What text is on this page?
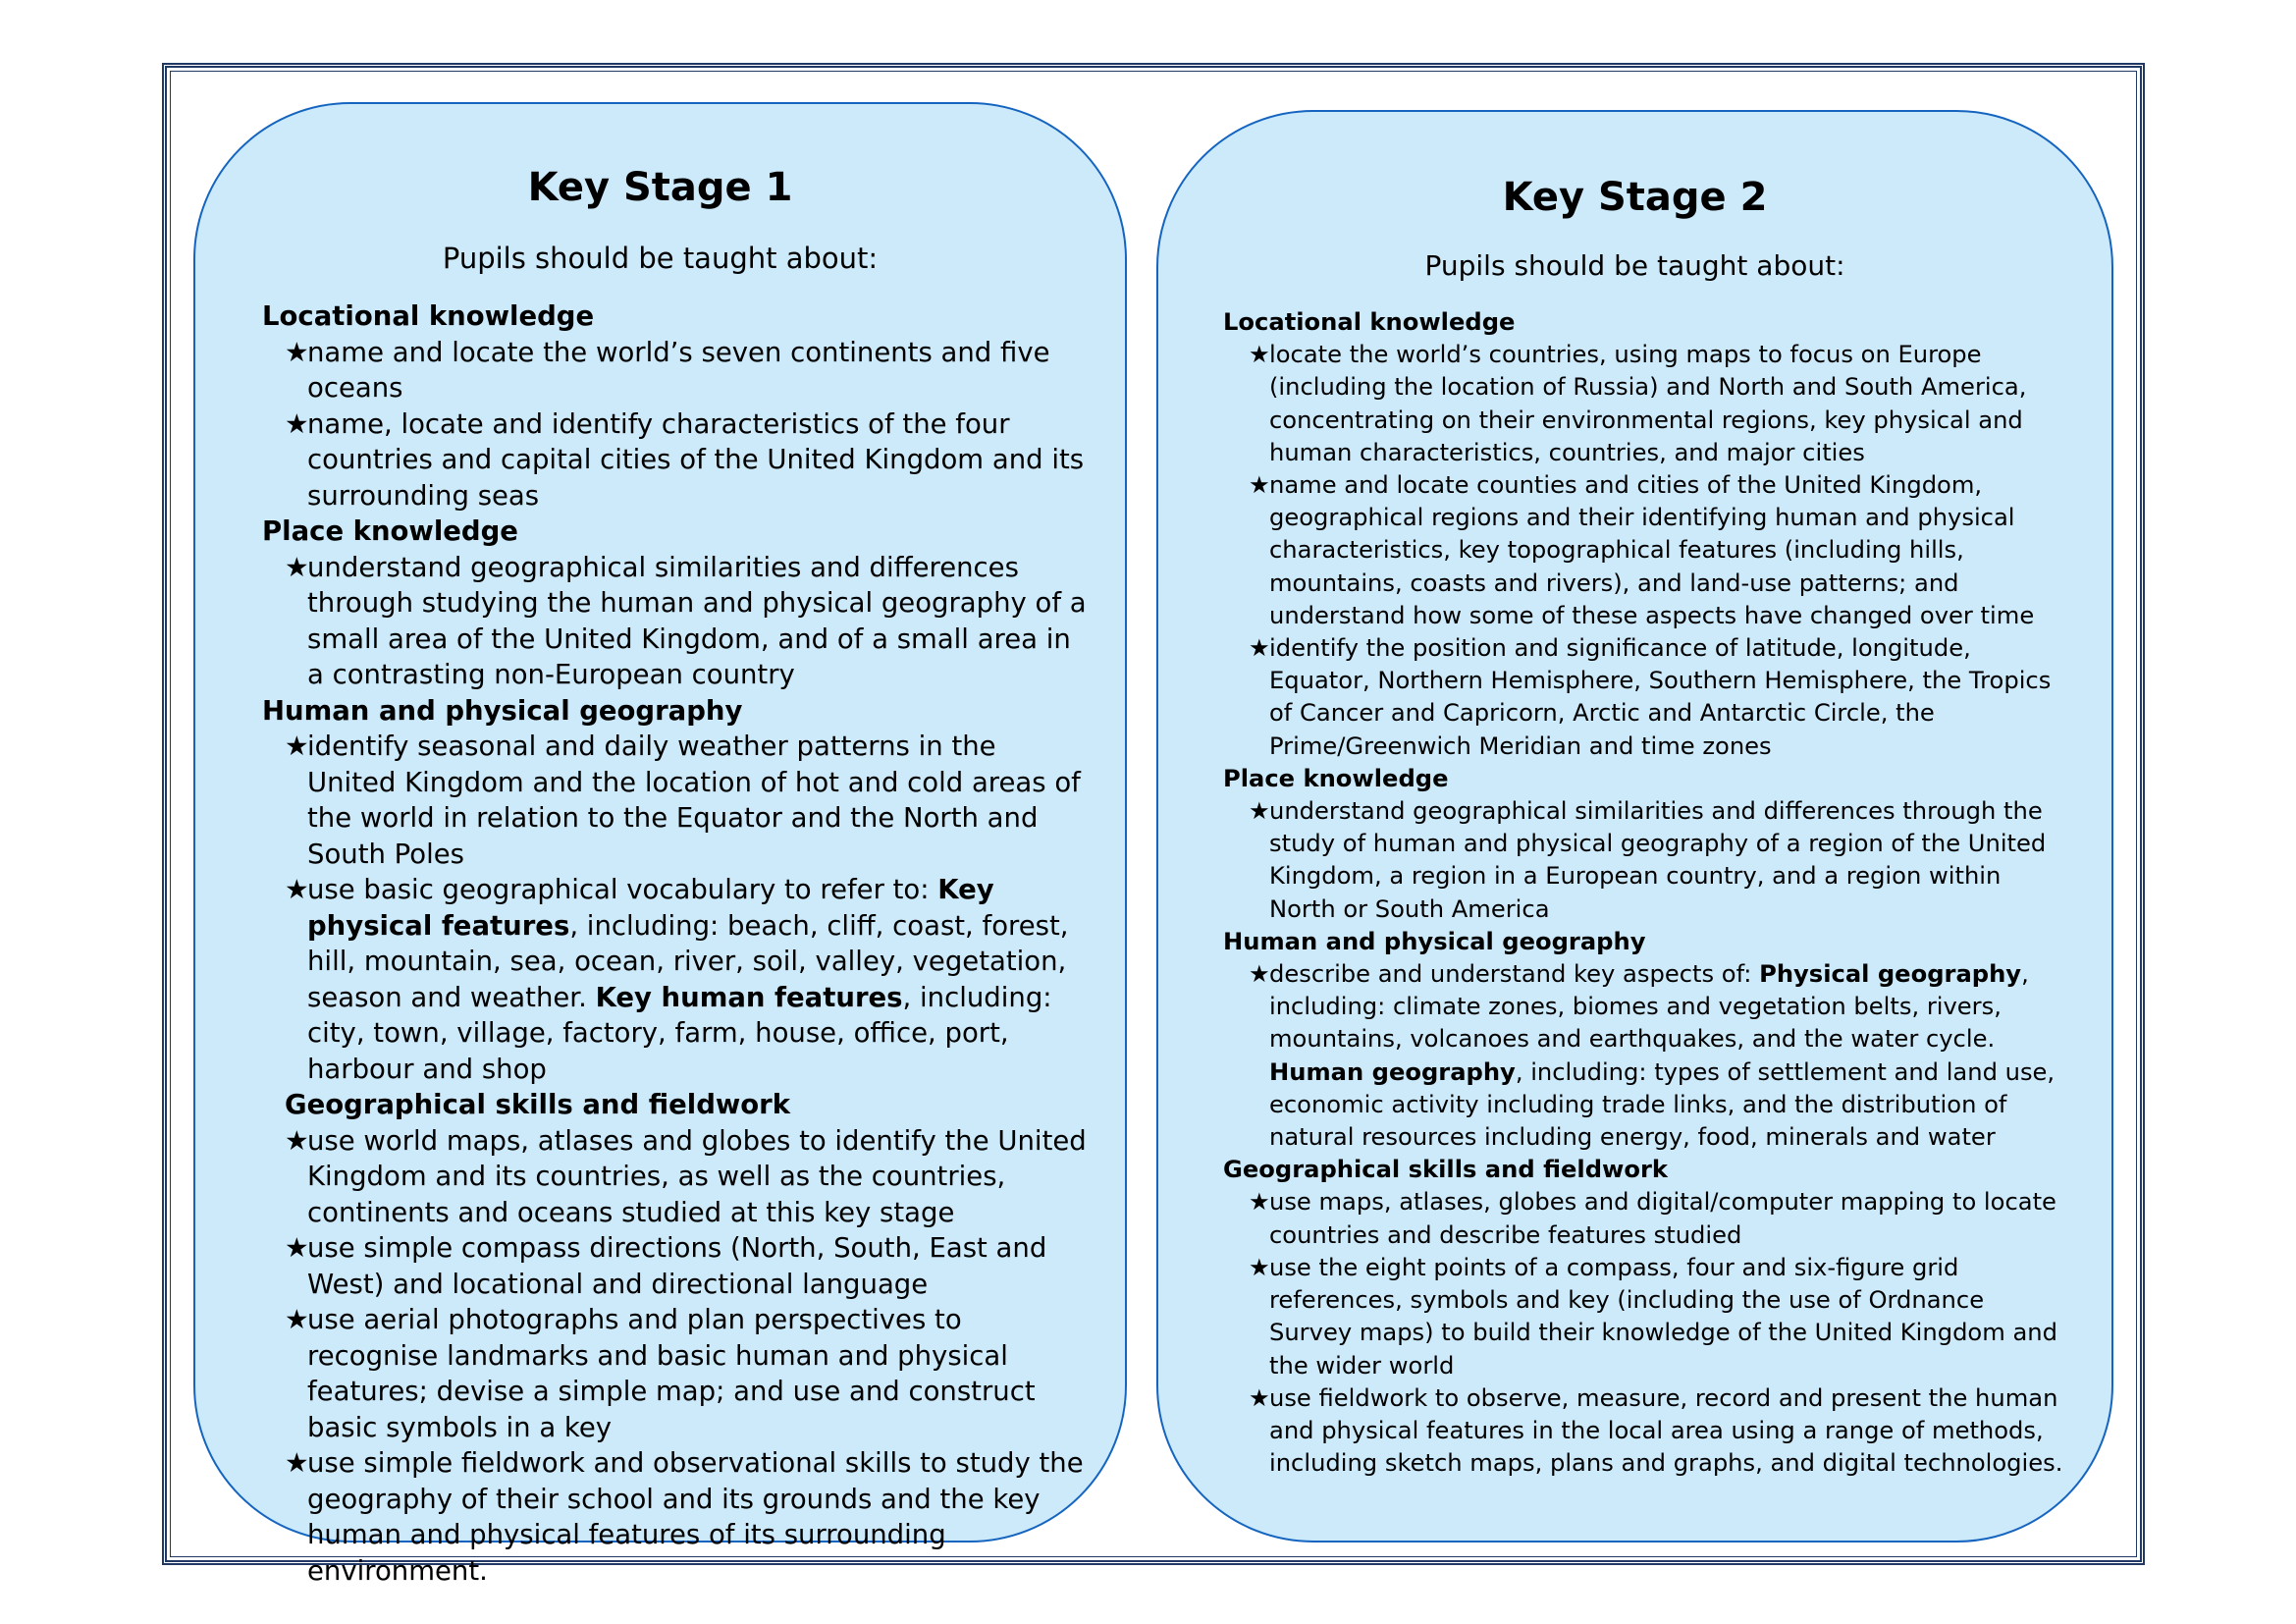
Key Stage 1
Pupils should be taught about:
Locational knowledge
★
name and locate the world’s seven continents and five oceans
★
name, locate and identify characteristics of the four countries and capital cities of the United Kingdom and its surrounding seas
Place knowledge
★
understand geographical similarities and differences through studying the human and physical geography of a small area of the United Kingdom, and of a small area in a contrasting non-European country
Human and physical geography
★
identify seasonal and daily weather patterns in the United Kingdom and the location of hot and cold areas of the world in relation to the Equator and the North and South Poles
★
use basic geographical vocabulary to refer to: Key physical features, including: beach, cliff, coast, forest, hill, mountain, sea, ocean, river, soil, valley, vegetation, season and weather. Key human features, including: city, town, village, factory, farm, house, office, port, harbour and shop
Geographical skills and fieldwork
★
use world maps, atlases and globes to identify the United Kingdom and its countries, as well as the countries, continents and oceans studied at this key stage
★
use simple compass directions (North, South, East and West) and locational and directional language
★
use aerial photographs and plan perspectives to recognise landmarks and basic human and physical features; devise a simple map; and use and construct basic symbols in a key
★
use simple fieldwork and observational skills to study the geography of their school and its grounds and the key human and physical features of its surrounding environment.
Key Stage 2
Pupils should be taught about:
Locational knowledge
★ locate the world’s countries, using maps to focus on Europe (including the location of Russia) and North and South America, concentrating on their environmental regions, key physical and human characteristics, countries, and major cities
★ name and locate counties and cities of the United Kingdom, geographical regions and their identifying human and physical characteristics, key topographical features (including hills, mountains, coasts and rivers), and land-use patterns; and understand how some of these aspects have changed over time
★ identify the position and significance of latitude, longitude, Equator, Northern Hemisphere, Southern Hemisphere, the Tropics of Cancer and Capricorn, Arctic and Antarctic Circle, the Prime/Greenwich Meridian and time zones
Place knowledge
★ understand geographical similarities and differences through the study of human and physical geography of a region of the United Kingdom, a region in a European country, and a region within North or South America
Human and physical geography
★ describe and understand key aspects of: Physical geography, including: climate zones, biomes and vegetation belts, rivers, mountains, volcanoes and earthquakes, and the water cycle. Human geography, including: types of settlement and land use, economic activity including trade links, and the distribution of natural resources including energy, food, minerals and water
Geographical skills and fieldwork
★ use maps, atlases, globes and digital/computer mapping to locate countries and describe features studied
★ use the eight points of a compass, four and six-figure grid references, symbols and key (including the use of Ordnance Survey maps) to build their knowledge of the United Kingdom and the wider world
★ use fieldwork to observe, measure, record and present the human and physical features in the local area using a range of methods, including sketch maps, plans and graphs, and digital technologies.
